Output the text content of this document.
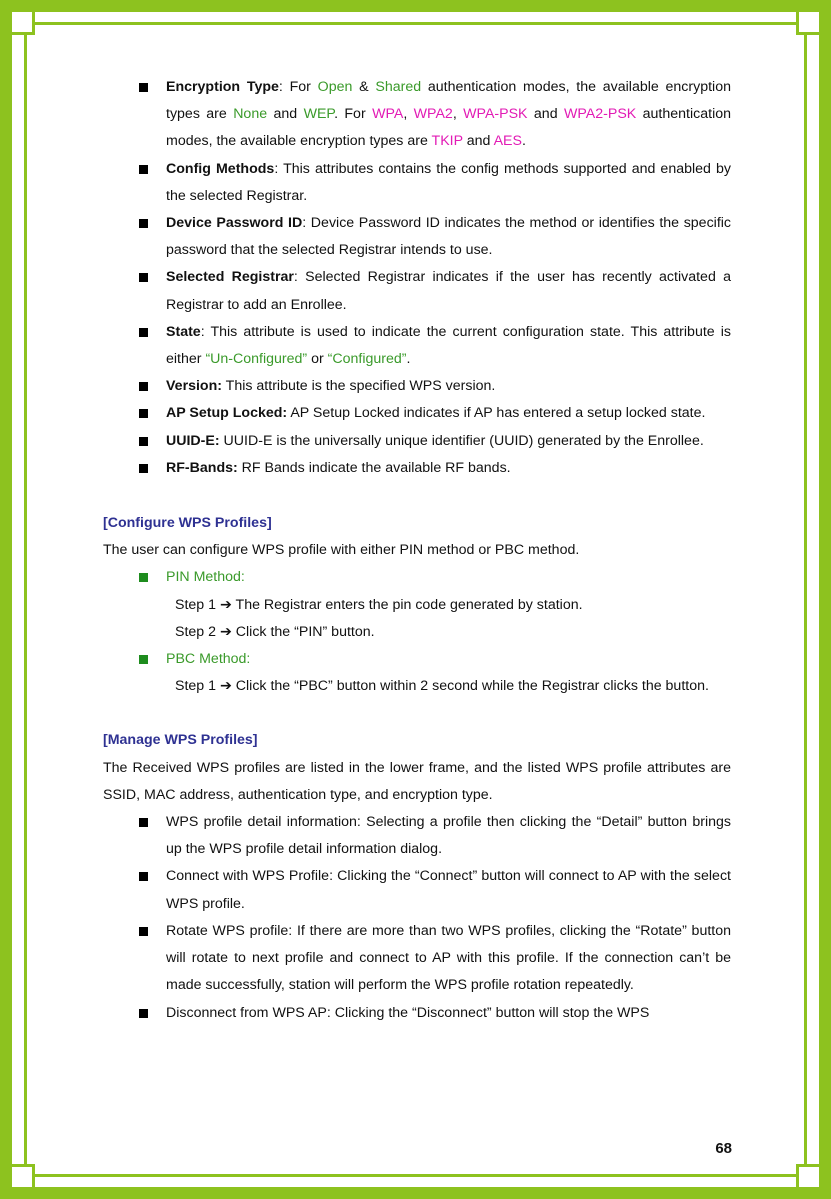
Encryption Type: For Open & Shared authentication modes, the available encryption types are None and WEP. For WPA, WPA2, WPA-PSK and WPA2-PSK authentication modes, the available encryption types are TKIP and AES.
Config Methods: This attributes contains the config methods supported and enabled by the selected Registrar.
Device Password ID: Device Password ID indicates the method or identifies the specific password that the selected Registrar intends to use.
Selected Registrar: Selected Registrar indicates if the user has recently activated a Registrar to add an Enrollee.
State: This attribute is used to indicate the current configuration state. This attribute is either “Un-Configured” or “Configured”.
Version: This attribute is the specified WPS version.
AP Setup Locked: AP Setup Locked indicates if AP has entered a setup locked state.
UUID-E: UUID-E is the universally unique identifier (UUID) generated by the Enrollee.
RF-Bands: RF Bands indicate the available RF bands.
[Configure WPS Profiles]

The user can configure WPS profile with either PIN method or PBC method.

PIN Method:
Step 1 ➔ The Registrar enters the pin code generated by station.
Step 2 ➔ Click the “PIN” button.
PBC Method:
Step 1 ➔ Click the “PBC” button within 2 second while the Registrar clicks the button.
[Manage WPS Profiles]

The Received WPS profiles are listed in the lower frame, and the listed WPS profile attributes are SSID, MAC address, authentication type, and encryption type.

WPS profile detail information: Selecting a profile then clicking the “Detail” button brings up the WPS profile detail information dialog.
Connect with WPS Profile: Clicking the “Connect” button will connect to AP with the select WPS profile.
Rotate WPS profile: If there are more than two WPS profiles, clicking the “Rotate” button will rotate to next profile and connect to AP with this profile. If the connection can’t be made successfully, station will perform the WPS profile rotation repeatedly.
Disconnect from WPS AP: Clicking the “Disconnect” button will stop the WPS
68
